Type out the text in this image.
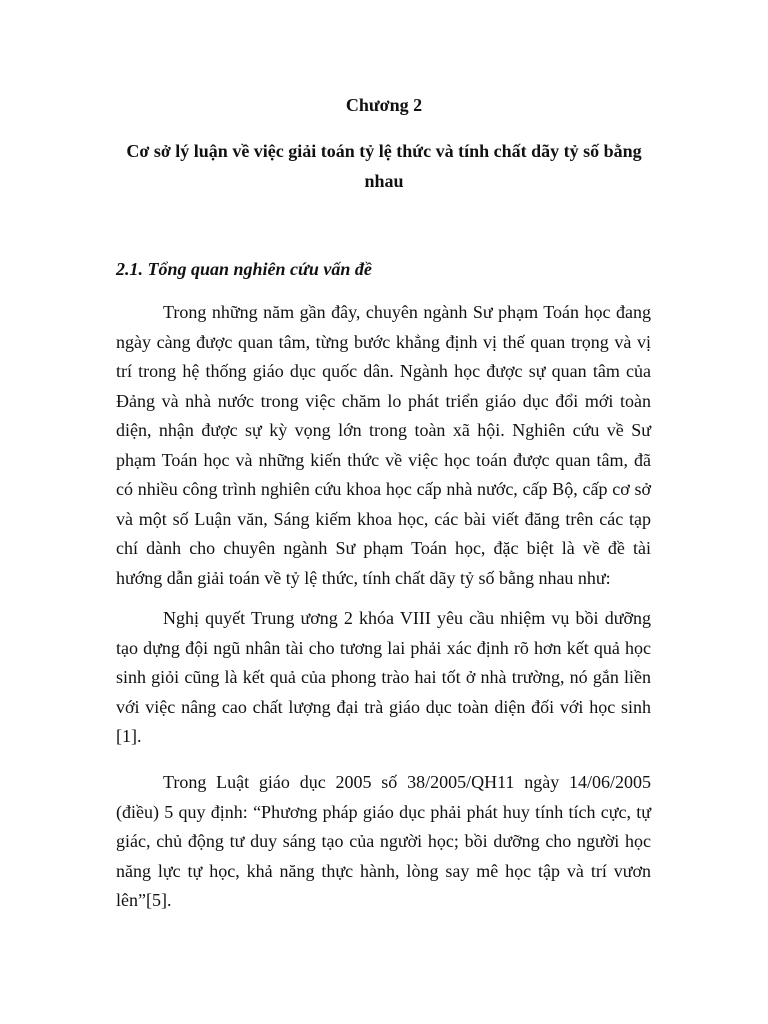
Chương 2
Cơ sở lý luận về việc giải toán tỷ lệ thức và tính chất dãy tỷ số bằng nhau
2.1. Tổng quan nghiên cứu vấn đề

Trong những năm gần đây, chuyên ngành Sư phạm Toán học đang ngày càng được quan tâm, từng bước khẳng định vị thế quan trọng và vị trí trong hệ thống giáo dục quốc dân. Ngành học được sự quan tâm của Đảng và nhà nước trong việc chăm lo phát triển giáo dục đổi mới toàn diện, nhận được sự kỳ vọng lớn trong toàn xã hội. Nghiên cứu về Sư phạm Toán học và những kiến thức về việc học toán được quan tâm, đã có nhiều công trình nghiên cứu khoa học cấp nhà nước, cấp Bộ, cấp cơ sở và một số Luận văn, Sáng kiếm khoa học, các bài viết đăng trên các tạp chí dành cho chuyên ngành Sư phạm Toán học, đặc biệt là về đề tài hướng dẫn giải toán về tỷ lệ thức, tính chất dãy tỷ số bằng nhau như:

Nghị quyết Trung ương 2 khóa VIII yêu cầu nhiệm vụ bồi dưỡng tạo dựng đội ngũ nhân tài cho tương lai phải xác định rõ hơn kết quả học sinh giỏi cũng là kết quả của phong trào hai tốt ở nhà trường, nó gắn liền với việc nâng cao chất lượng đại trà giáo dục toàn diện đối với học sinh [1].

Trong Luật giáo dục 2005 số 38/2005/QH11 ngày 14/06/2005 (điều) 5 quy định: “Phương pháp giáo dục phải phát huy tính tích cực, tự giác, chủ động tư duy sáng tạo của người học; bồi dưỡng cho người học năng lực tự học, khả năng thực hành, lòng say mê học tập và trí vươn lên”[5].
